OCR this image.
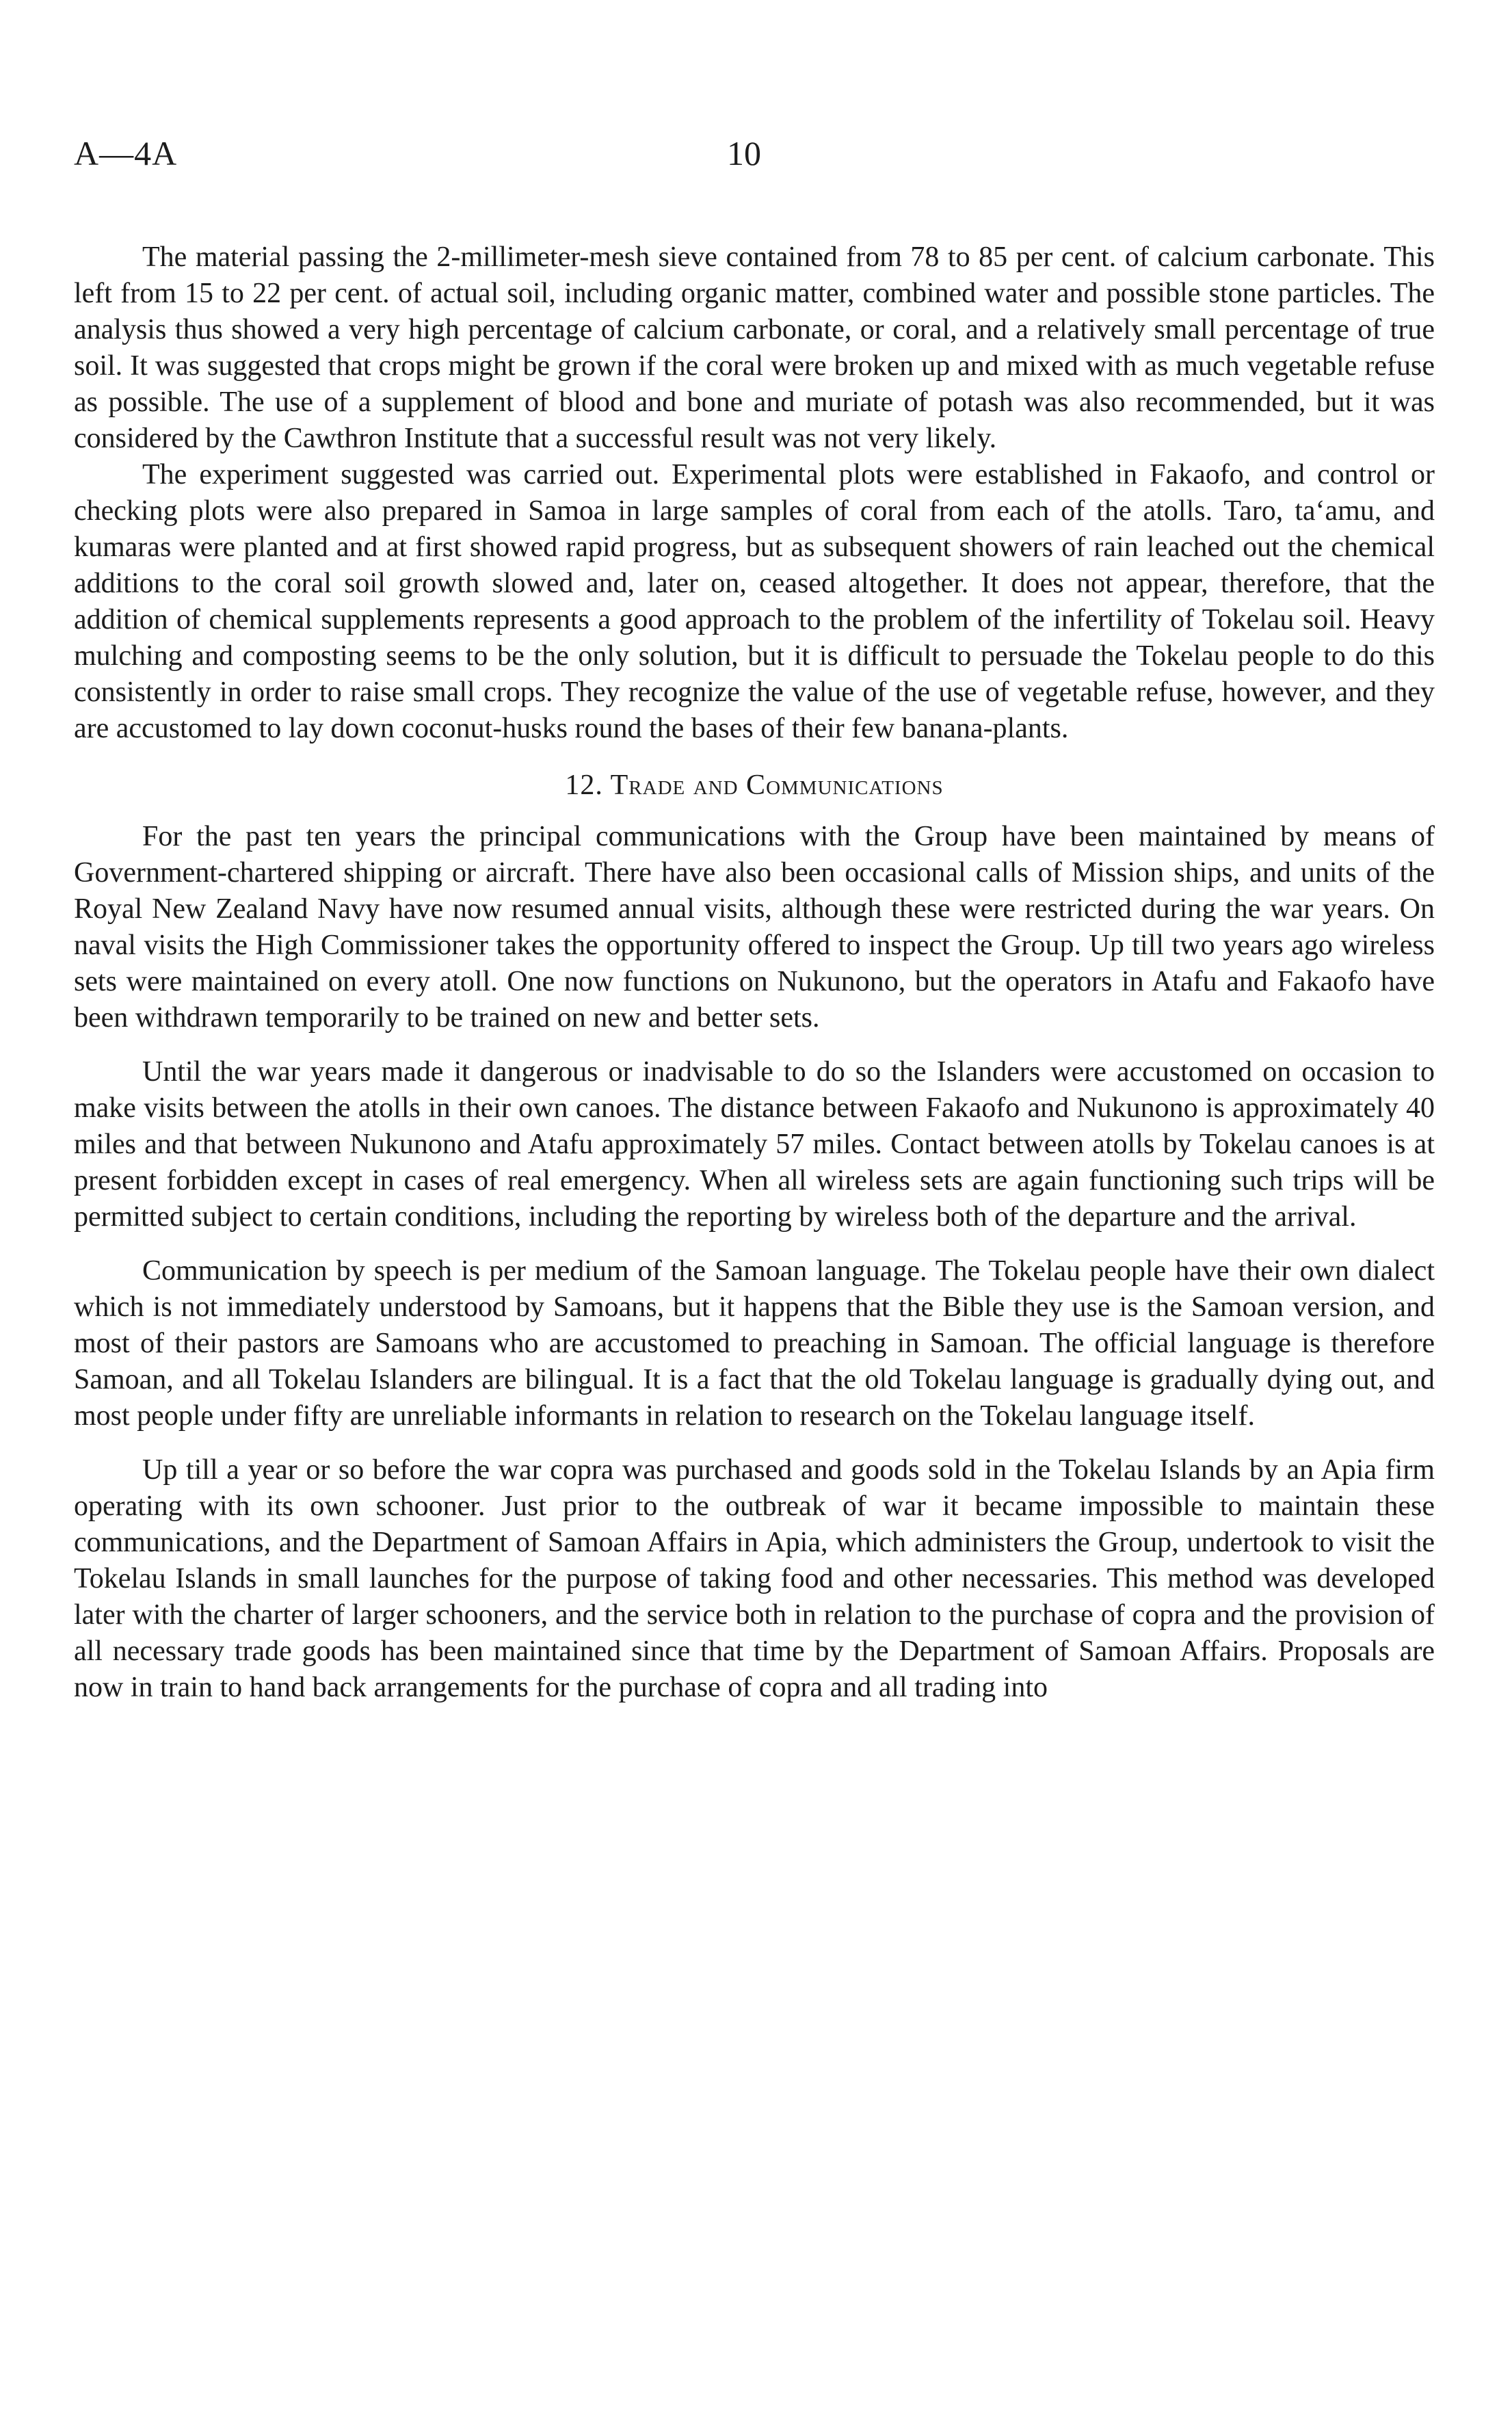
A—4A	10

The material passing the 2-millimeter-mesh sieve contained from 78 to 85 per cent. of calcium carbonate. This left from 15 to 22 per cent. of actual soil, including organic matter, combined water and possible stone particles. The analysis thus showed a very high percentage of calcium carbonate, or coral, and a relatively small percentage of true soil. It was suggested that crops might be grown if the coral were broken up and mixed with as much vegetable refuse as possible. The use of a supplement of blood and bone and muriate of potash was also recommended, but it was considered by the Cawthron Institute that a successful result was not very likely.

The experiment suggested was carried out. Experimental plots were established in Fakaofo, and control or checking plots were also prepared in Samoa in large samples of coral from each of the atolls. Taro, ta‘amu, and kumaras were planted and at first showed rapid progress, but as subsequent showers of rain leached out the chemical additions to the coral soil growth slowed and, later on, ceased altogether. It does not appear, therefore, that the addition of chemical supplements represents a good approach to the problem of the infertility of Tokelau soil. Heavy mulching and composting seems to be the only solution, but it is difficult to persuade the Tokelau people to do this consistently in order to raise small crops. They recognize the value of the use of vegetable refuse, however, and they are accustomed to lay down coconut-husks round the bases of their few banana-plants.

12. Trade and Communications

For the past ten years the principal communications with the Group have been maintained by means of Government-chartered shipping or aircraft. There have also been occasional calls of Mission ships, and units of the Royal New Zealand Navy have now resumed annual visits, although these were restricted during the war years. On naval visits the High Commissioner takes the opportunity offered to inspect the Group. Up till two years ago wireless sets were maintained on every atoll. One now functions on Nukunono, but the operators in Atafu and Fakaofo have been withdrawn temporarily to be trained on new and better sets.

Until the war years made it dangerous or inadvisable to do so the Islanders were accustomed on occasion to make visits between the atolls in their own canoes. The distance between Fakaofo and Nukunono is approximately 40 miles and that between Nukunono and Atafu approximately 57 miles. Contact between atolls by Tokelau canoes is at present forbidden except in cases of real emergency. When all wireless sets are again functioning such trips will be permitted subject to certain conditions, including the reporting by wireless both of the departure and the arrival.

Communication by speech is per medium of the Samoan language. The Tokelau people have their own dialect which is not immediately understood by Samoans, but it happens that the Bible they use is the Samoan version, and most of their pastors are Samoans who are accustomed to preaching in Samoan. The official language is therefore Samoan, and all Tokelau Islanders are bilingual. It is a fact that the old Tokelau language is gradually dying out, and most people under fifty are unreliable informants in relation to research on the Tokelau language itself.

Up till a year or so before the war copra was purchased and goods sold in the Tokelau Islands by an Apia firm operating with its own schooner. Just prior to the outbreak of war it became impossible to maintain these communications, and the Department of Samoan Affairs in Apia, which administers the Group, undertook to visit the Tokelau Islands in small launches for the purpose of taking food and other necessaries. This method was developed later with the charter of larger schooners, and the service both in relation to the purchase of copra and the provision of all necessary trade goods has been maintained since that time by the Department of Samoan Affairs. Proposals are now in train to hand back arrangements for the purchase of copra and all trading into
